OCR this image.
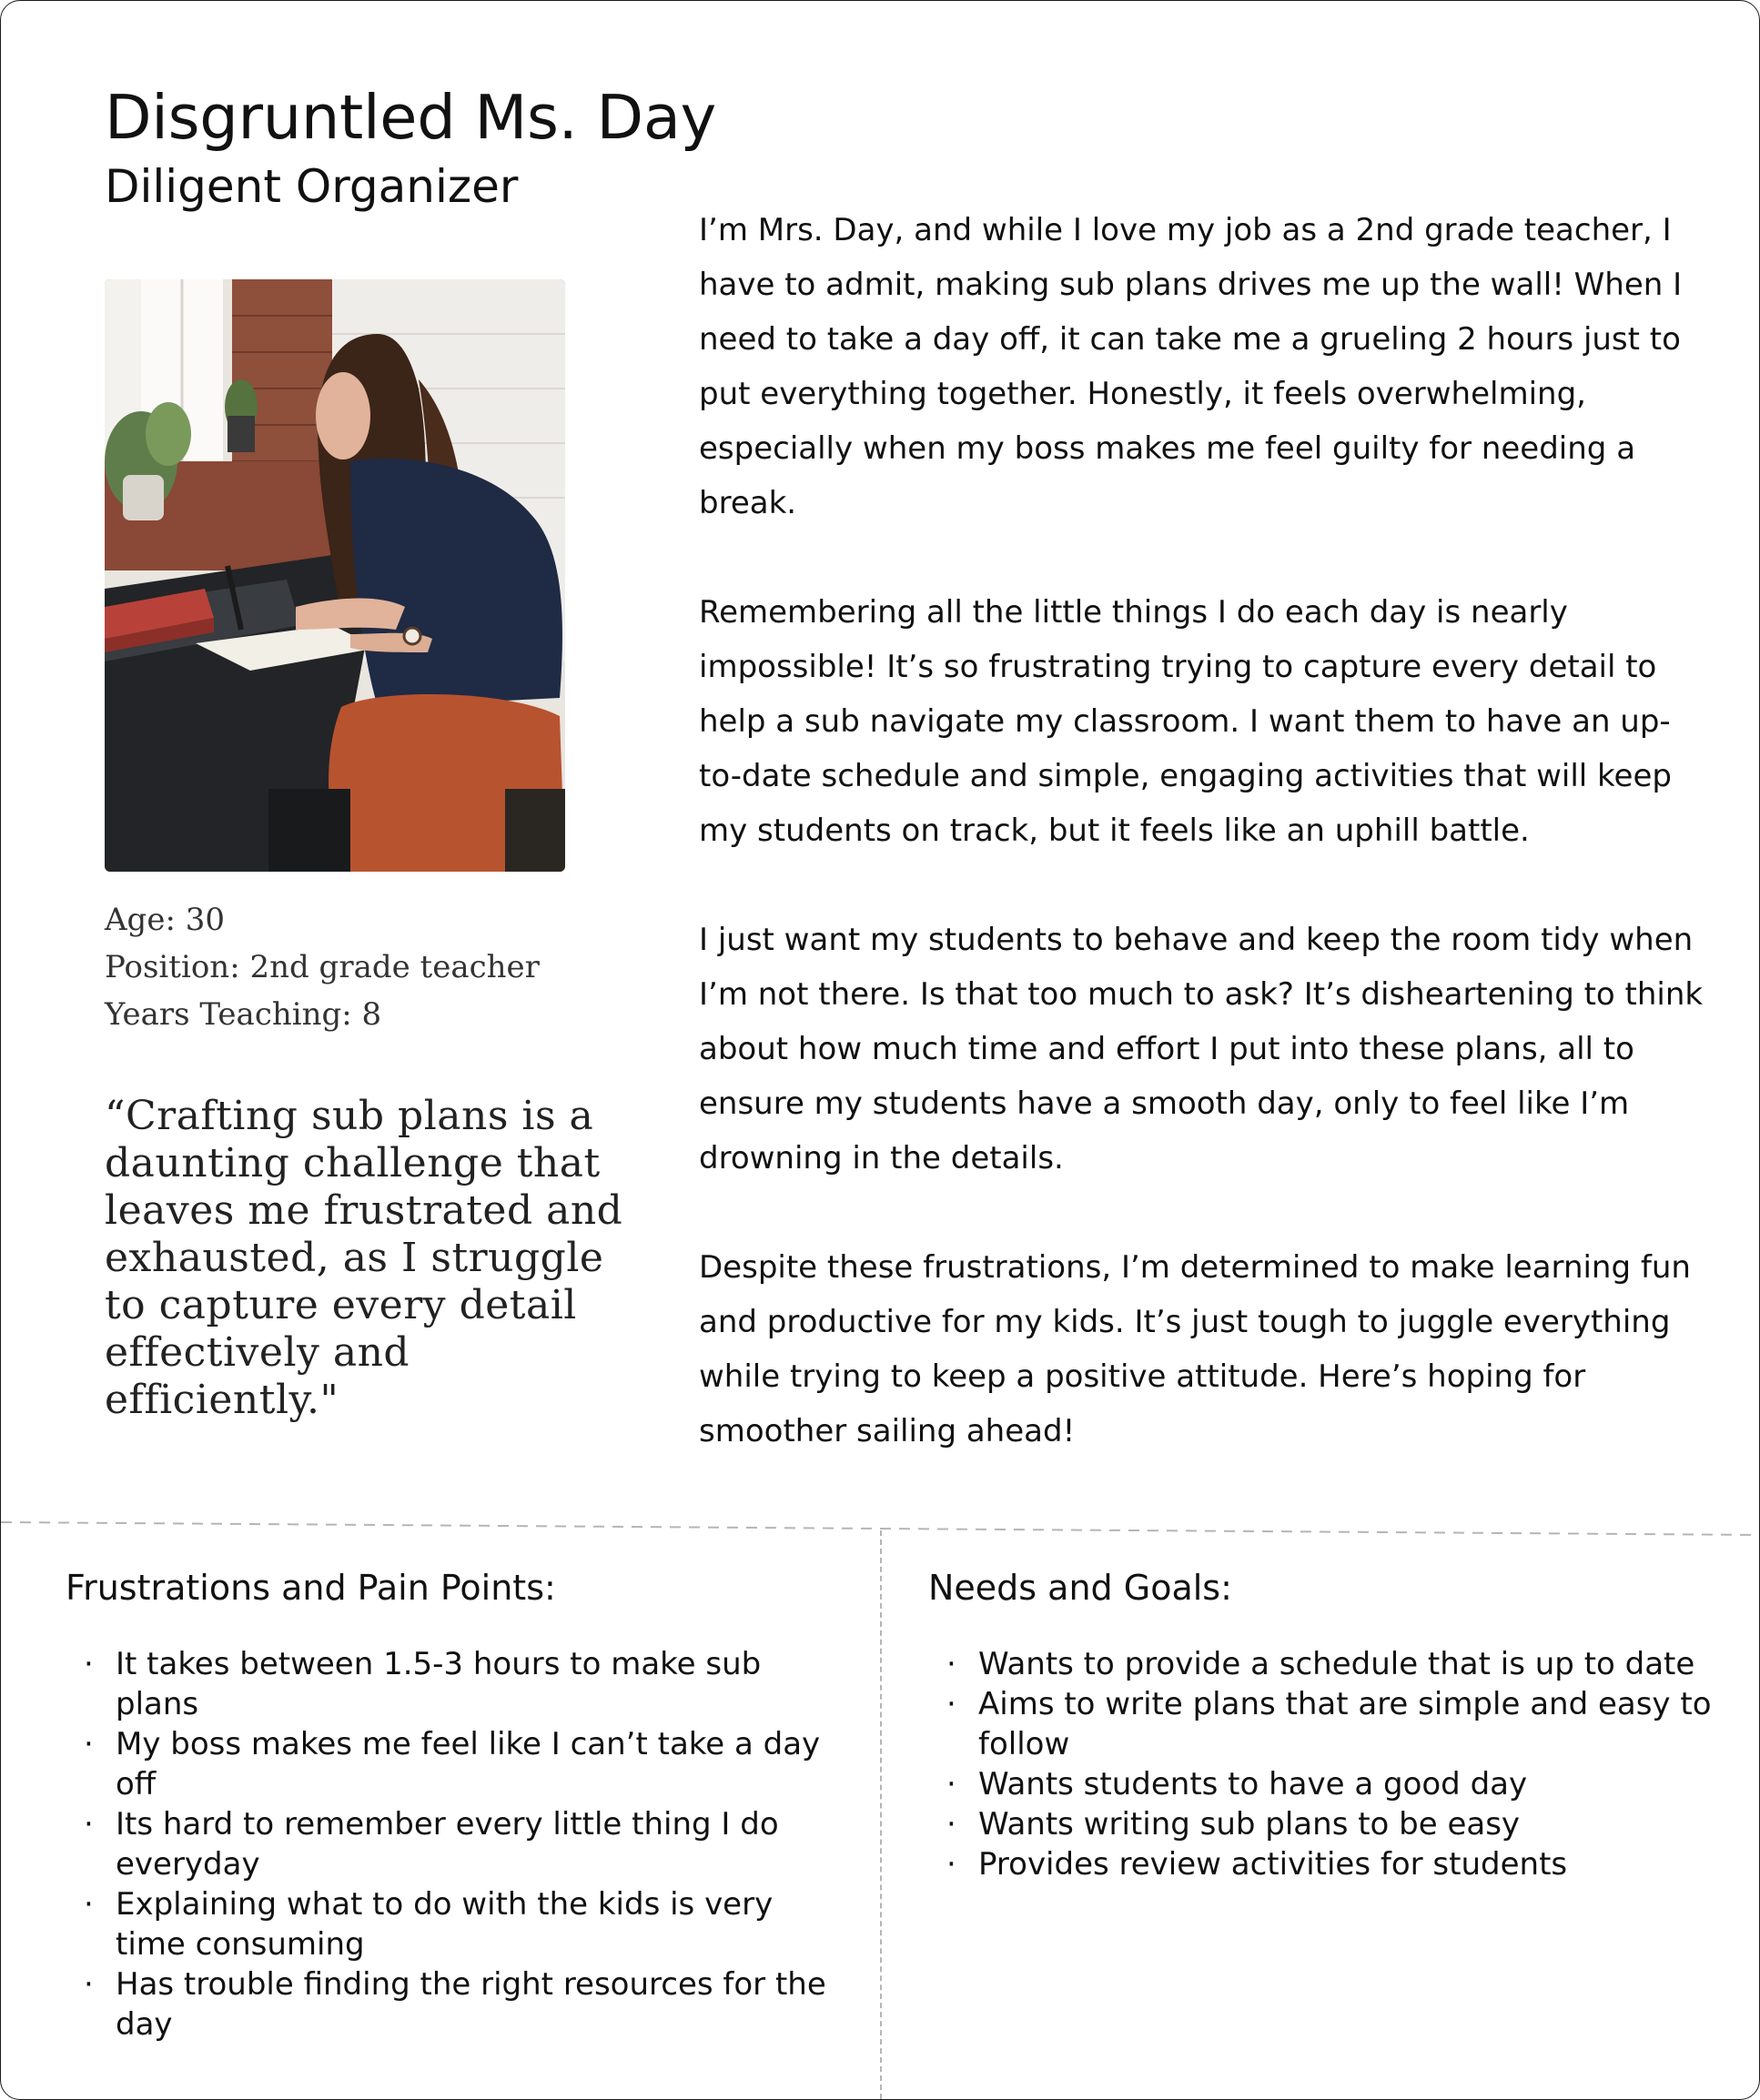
Disgruntled Ms. Day
Diligent Organizer
Age: 30
Position: 2nd grade teacher
Years Teaching: 8

“Crafting sub plans is a daunting challenge that leaves me frustrated and exhausted, as I struggle to capture every detail effectively and efficiently."

I’m Mrs. Day, and while I love my job as a 2nd grade teacher, I have to admit, making sub plans drives me up the wall! When I need to take a day off, it can take me a grueling 2 hours just to put everything together. Honestly, it feels overwhelming, especially when my boss makes me feel guilty for needing a break.

Remembering all the little things I do each day is nearly impossible! It’s so frustrating trying to capture every detail to help a sub navigate my classroom. I want them to have an up-to-date schedule and simple, engaging activities that will keep my students on track, but it feels like an uphill battle.

I just want my students to behave and keep the room tidy when I’m not there. Is that too much to ask? It’s disheartening to think about how much time and effort I put into these plans, all to ensure my students have a smooth day, only to feel like I’m drowning in the details.

Despite these frustrations, I’m determined to make learning fun and productive for my kids. It’s just tough to juggle everything while trying to keep a positive attitude. Here’s hoping for smoother sailing ahead!

Frustrations and Pain Points:
· It takes between 1.5-3 hours to make sub plans
· My boss makes me feel like I can’t take a day off
· Its hard to remember every little thing I do everyday
· Explaining what to do with the kids is very time consuming
· Has trouble finding the right resources for the day
Needs and Goals:
· Wants to provide a schedule that is up to date
· Aims to write plans that are simple and easy to follow
· Wants students to have a good day
· Wants writing sub plans to be easy
· Provides review activities for students
